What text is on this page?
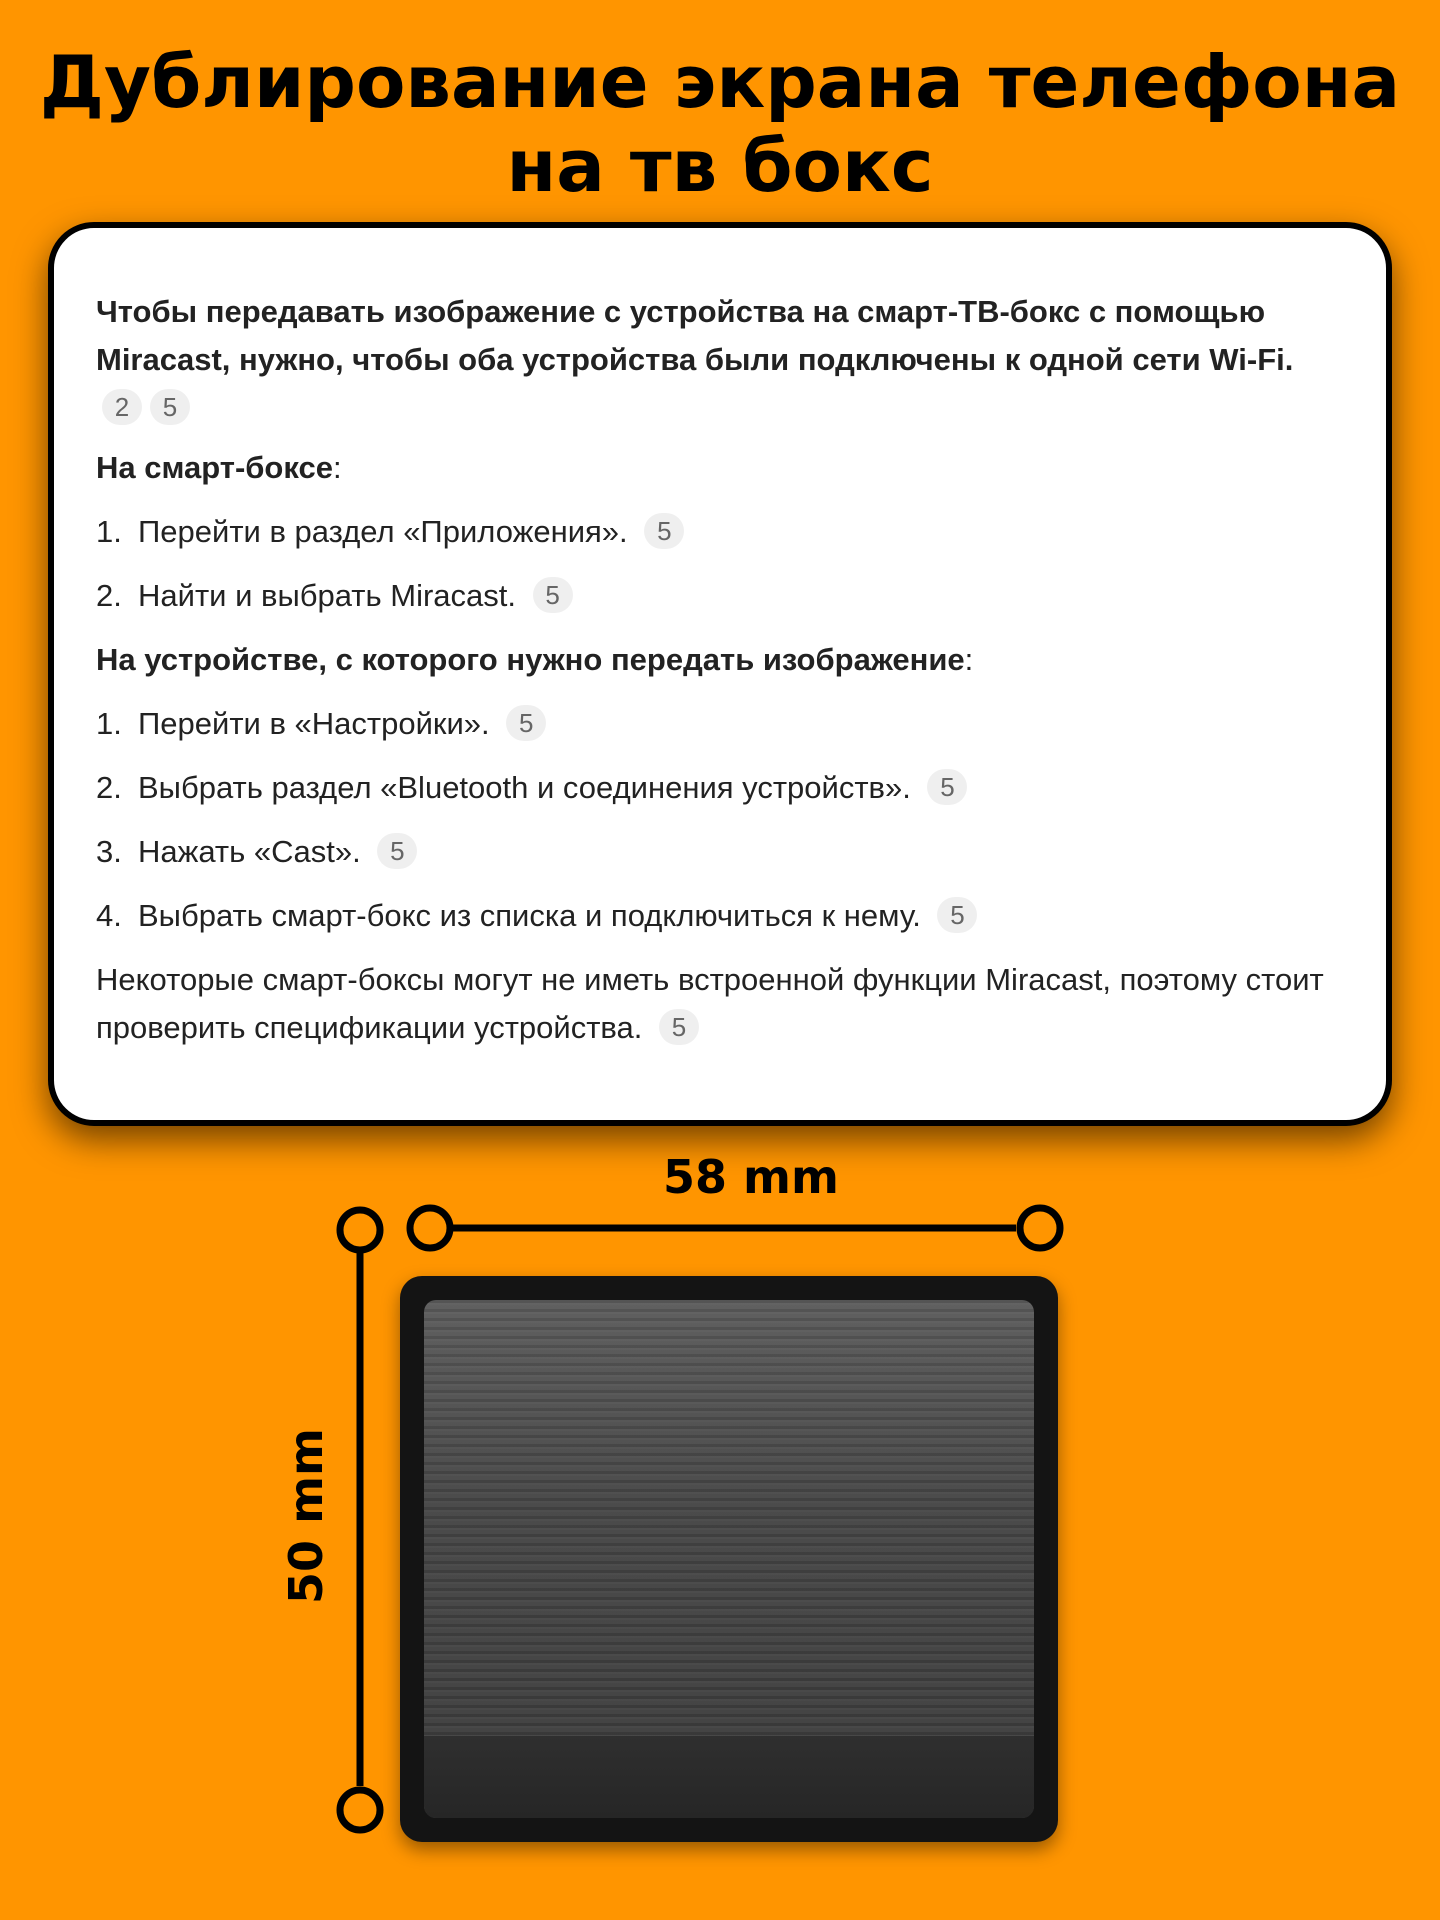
Дублирование экрана телефона
на тв бокс

Чтобы передавать изображение с устройства на смарт-ТВ-бокс с помощью Miracast, нужно, чтобы оба устройства были подключены к одной сети Wi-Fi.

2 5

На смарт-боксе:

1. Перейти в раздел «Приложения». 5
2. Найти и выбрать Miracast. 5

На устройстве, с которого нужно передать изображение:

1. Перейти в «Настройки». 5
2. Выбрать раздел «Bluetooth и соединения устройств». 5
3. Нажать «Cast». 5
4. Выбрать смарт-бокс из списка и подключиться к нему. 5

Некоторые смарт-боксы могут не иметь встроенной функции Miracast, поэтому стоит проверить спецификации устройства. 5

58 mm
50 mm
